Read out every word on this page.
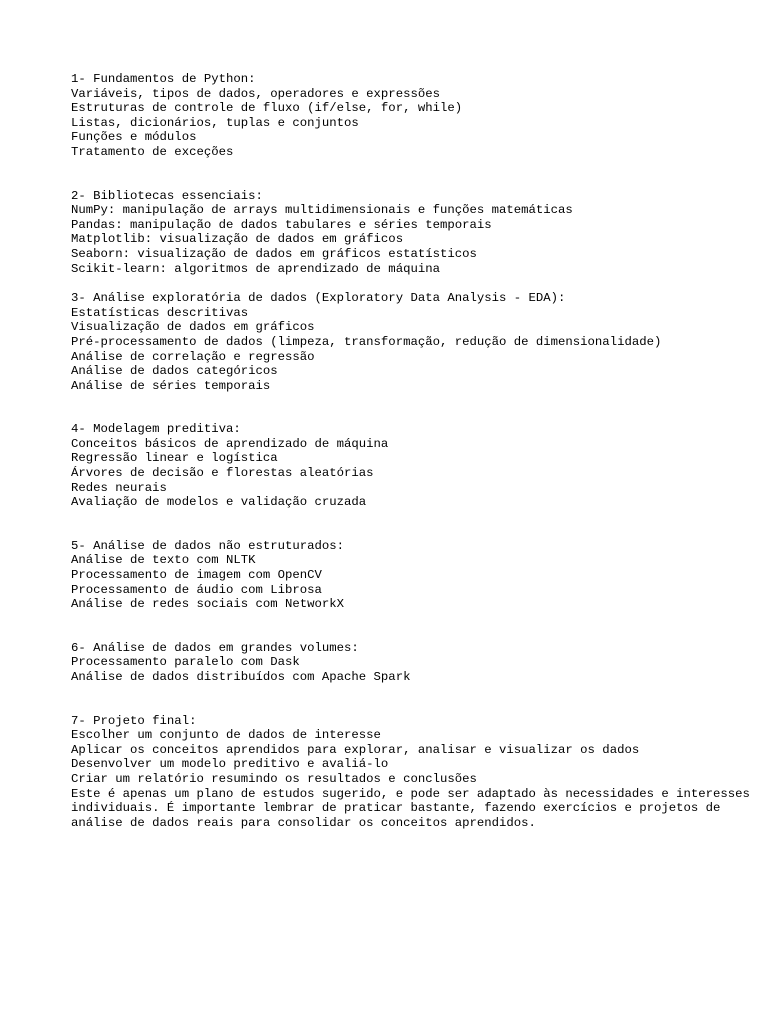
1- Fundamentos de Python:
Variáveis, tipos de dados, operadores e expressões
Estruturas de controle de fluxo (if/else, for, while)
Listas, dicionários, tuplas e conjuntos
Funções e módulos
Tratamento de exceções
2- Bibliotecas essenciais:
NumPy: manipulação de arrays multidimensionais e funções matemáticas
Pandas: manipulação de dados tabulares e séries temporais
Matplotlib: visualização de dados em gráficos
Seaborn: visualização de dados em gráficos estatísticos
Scikit-learn: algoritmos de aprendizado de máquina
3- Análise exploratória de dados (Exploratory Data Analysis - EDA):
Estatísticas descritivas
Visualização de dados em gráficos
Pré-processamento de dados (limpeza, transformação, redução de dimensionalidade)
Análise de correlação e regressão
Análise de dados categóricos
Análise de séries temporais
4- Modelagem preditiva:
Conceitos básicos de aprendizado de máquina
Regressão linear e logística
Árvores de decisão e florestas aleatórias
Redes neurais
Avaliação de modelos e validação cruzada
5- Análise de dados não estruturados:
Análise de texto com NLTK
Processamento de imagem com OpenCV
Processamento de áudio com Librosa
Análise de redes sociais com NetworkX
6- Análise de dados em grandes volumes:
Processamento paralelo com Dask
Análise de dados distribuídos com Apache Spark
7- Projeto final:
Escolher um conjunto de dados de interesse
Aplicar os conceitos aprendidos para explorar, analisar e visualizar os dados
Desenvolver um modelo preditivo e avaliá-lo
Criar um relatório resumindo os resultados e conclusões
Este é apenas um plano de estudos sugerido, e pode ser adaptado às necessidades e interesses individuais. É importante lembrar de praticar bastante, fazendo exercícios e projetos de análise de dados reais para consolidar os conceitos aprendidos.
